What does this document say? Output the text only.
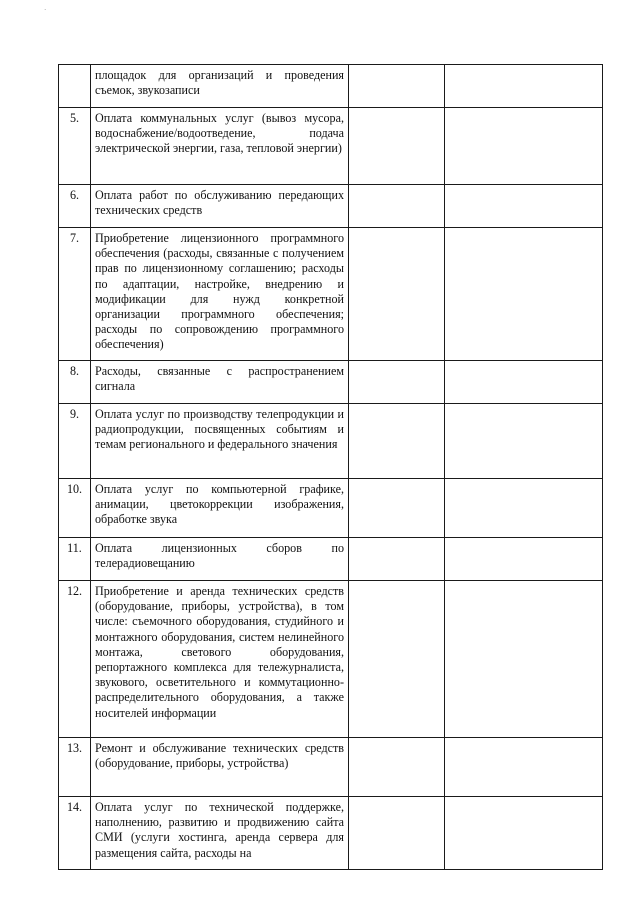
·
	площадок для организаций и проведения съемок, звукозаписи		
5.	Оплата коммунальных услуг (вывоз мусора, водоснабжение/водоотведение, подача электрической энергии, газа, тепловой энергии)		
6.	Оплата работ по обслуживанию передающих технических средств		
7.	Приобретение лицензионного программного обеспечения (расходы, связанные с получением прав по лицензионному соглашению; расходы по адаптации, настройке, внедрению и модификации для нужд конкретной организации программного обеспечения; расходы по сопровождению программного обеспечения)		
8.	Расходы, связанные с распространением сигнала		
9.	Оплата услуг по производству телепродукции и радиопродукции, посвященных событиям и темам регионального и федерального значения		
10.	Оплата услуг по компьютерной графике, анимации, цветокоррекции изображения, обработке звука		
11.	Оплата лицензионных сборов по телерадиовещанию		
12.	Приобретение и аренда технических средств (оборудование, приборы, устройства), в том числе: съемочного оборудования, студийного и монтажного оборудования, систем нелинейного монтажа, светового оборудования, репортажного комплекса для тележурналиста, звукового, осветительного и коммутационно-распределительного оборудования, а также носителей информации		
13.	Ремонт и обслуживание технических средств (оборудование, приборы, устройства)		
14.	Оплата услуг по технической поддержке, наполнению, развитию и продвижению сайта СМИ (услуги хостинга, аренда сервера для размещения сайта, расходы на		
